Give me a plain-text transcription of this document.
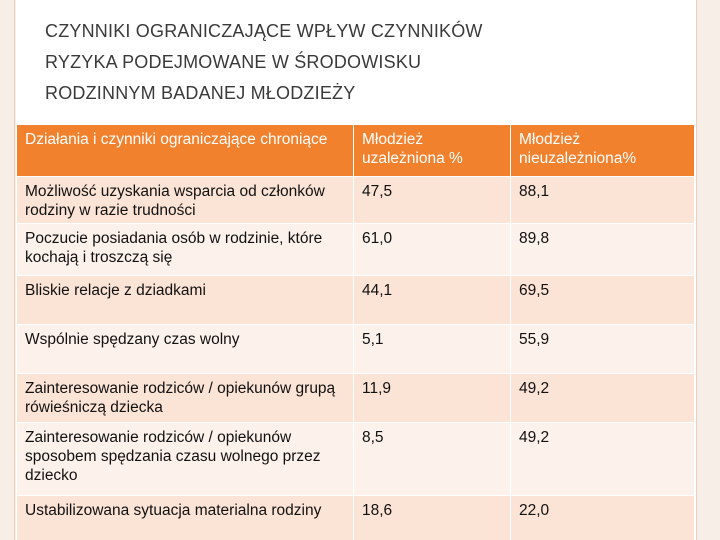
CZYNNIKI OGRANICZAJĄCE WPŁYW CZYNNIKÓW
RYZYKA PODEJMOWANE W ŚRODOWISKU
RODZINNYM BADANEJ MŁODZIEŻY
Działania i czynniki ograniczające chroniące	Młodzież uzależniona %	Młodzież nieuzależniona%
Możliwość uzyskania wsparcia od członków rodziny w razie trudności	47,5	88,1
Poczucie posiadania osób w rodzinie, które kochają i troszczą się	61,0	89,8
Bliskie relacje z dziadkami	44,1	69,5
Wspólnie spędzany czas wolny	5,1	55,9
Zainteresowanie rodziców / opiekunów grupą rówieśniczą dziecka	11,9	49,2
Zainteresowanie rodziców / opiekunów sposobem spędzania czasu wolnego przez dziecko	8,5	49,2
Ustabilizowana sytuacja materialna rodziny	18,6	22,0
